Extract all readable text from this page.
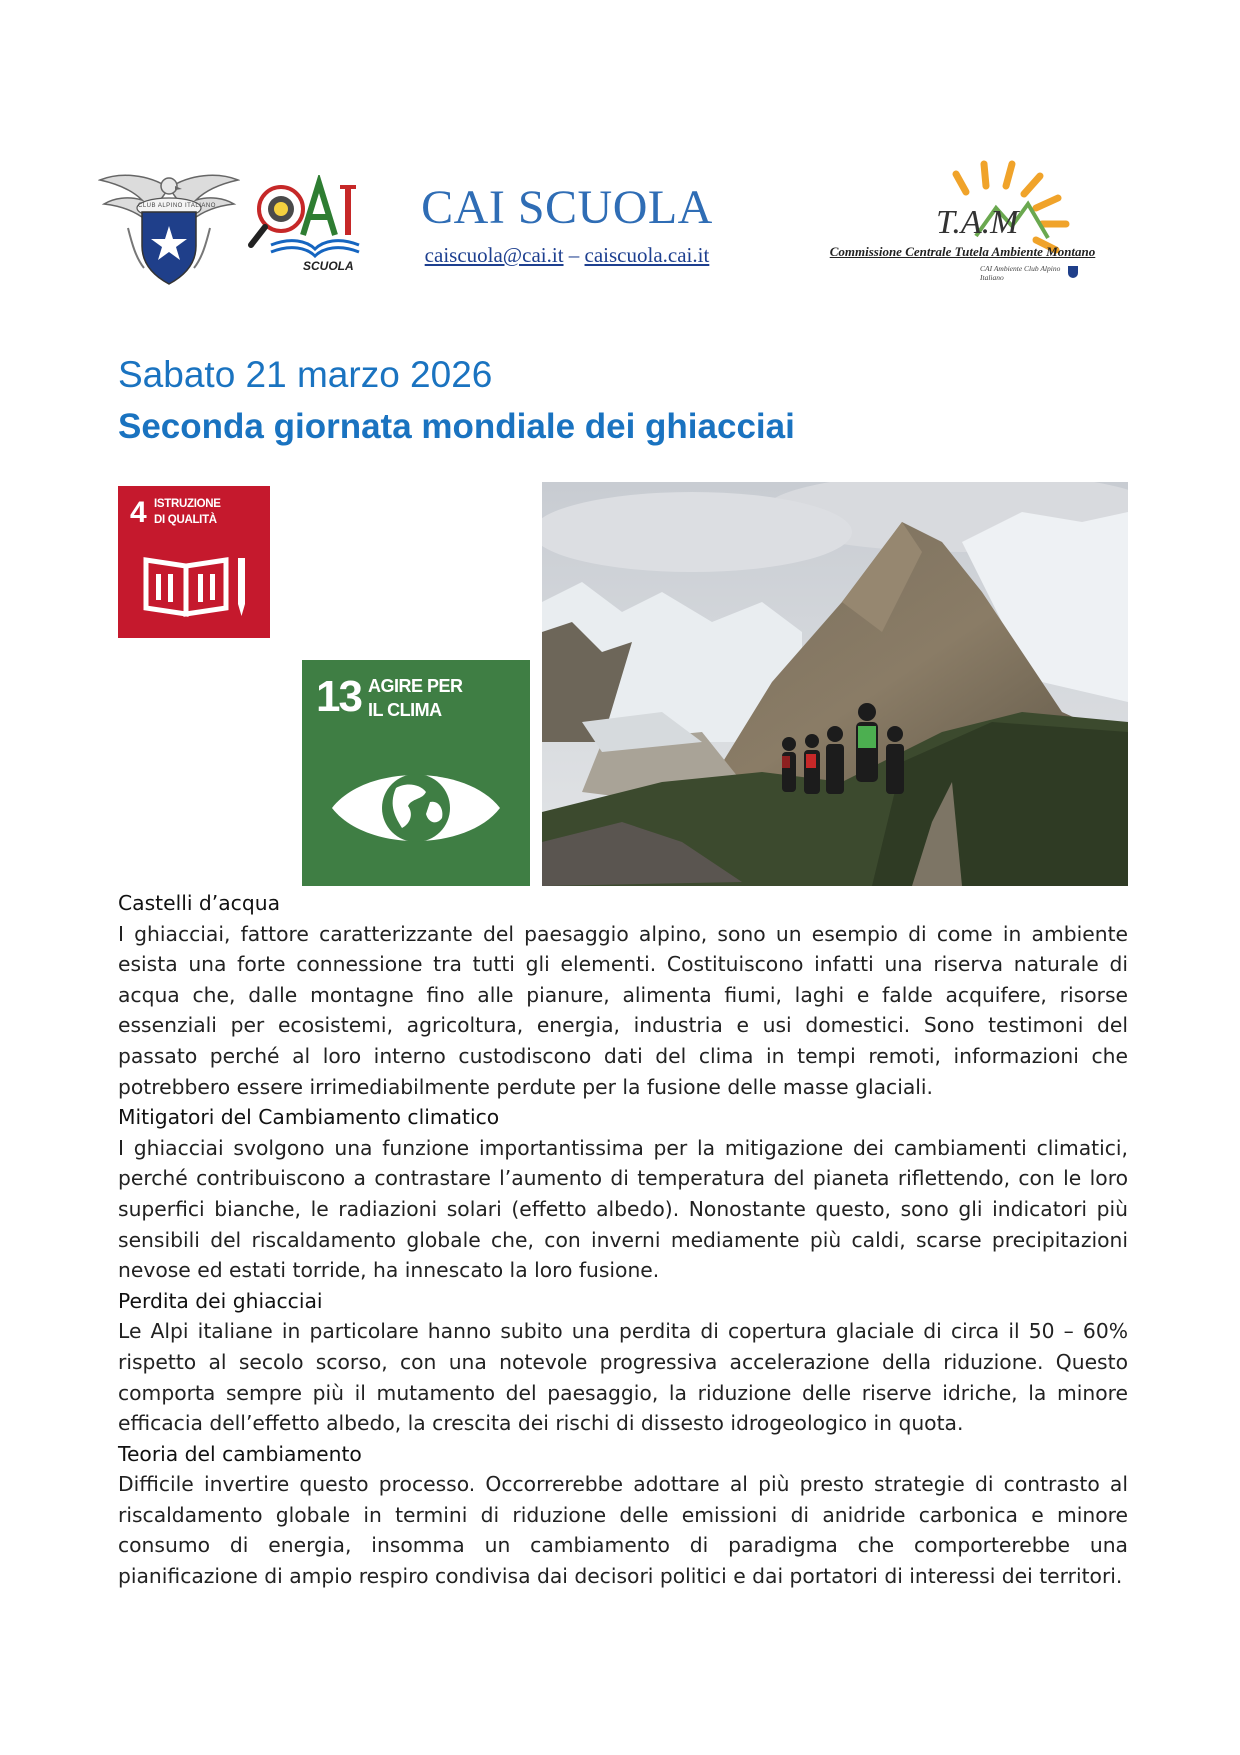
CLUB ALPINO ITALIANO
SCUOLA
CAI SCUOLA
caiscuola@cai.it – caiscuola.cai.it
T.A.M
Commissione Centrale Tutela Ambiente Montano
CAI Ambiente Club Alpino Italiano
Sabato 21 marzo 2026
Seconda giornata mondiale dei ghiacciai
4 ISTRUZIONE
DI QUALITÀ
13 AGIRE PER
IL CLIMA

Castelli d’acqua

I ghiacciai, fattore caratterizzante del paesaggio alpino, sono un esempio di come in ambiente esista una forte connessione tra tutti gli elementi. Costituiscono infatti una riserva naturale di acqua che, dalle montagne fino alle pianure, alimenta fiumi, laghi e falde acquifere, risorse essenziali per ecosistemi, agricoltura, energia, industria e usi domestici. Sono testimoni del passato perché al loro interno custodiscono dati del clima in tempi remoti, informazioni che potrebbero essere irrimediabilmente perdute per la fusione delle masse glaciali.

Mitigatori del Cambiamento climatico

I ghiacciai svolgono una funzione importantissima per la mitigazione dei cambiamenti climatici, perché contribuiscono a contrastare l’aumento di temperatura del pianeta riflettendo, con le loro superfici bianche, le radiazioni solari (effetto albedo). Nonostante questo, sono gli indicatori più sensibili del riscaldamento globale che, con inverni mediamente più caldi, scarse precipitazioni nevose ed estati torride, ha innescato la loro fusione.

Perdita dei ghiacciai

Le Alpi italiane in particolare hanno subito una perdita di copertura glaciale di circa il 50 – 60% rispetto al secolo scorso, con una notevole progressiva accelerazione della riduzione. Questo comporta sempre più il mutamento del paesaggio, la riduzione delle riserve idriche, la minore efficacia dell’effetto albedo, la crescita dei rischi di dissesto idrogeologico in quota.

Teoria del cambiamento

Difficile invertire questo processo. Occorrerebbe adottare al più presto strategie di contrasto al riscaldamento globale in termini di riduzione delle emissioni di anidride carbonica e minore consumo di energia, insomma un cambiamento di paradigma che comporterebbe una pianificazione di ampio respiro condivisa dai decisori politici e dai portatori di interessi dei territori.
